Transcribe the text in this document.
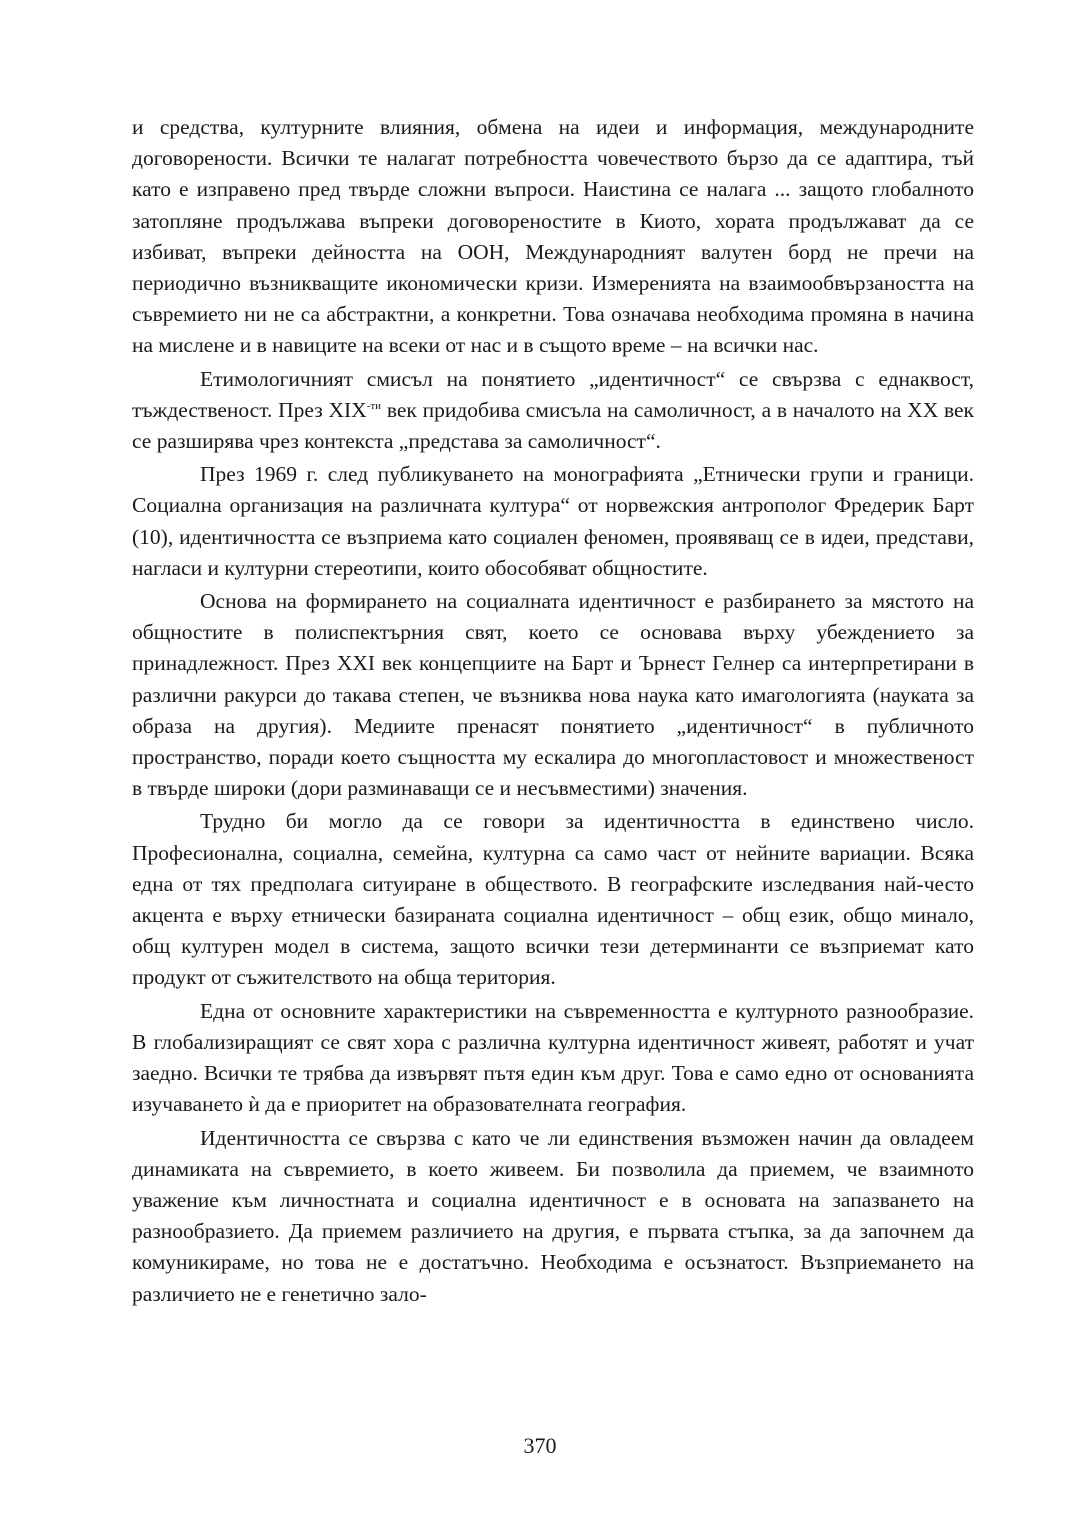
и средства, културните влияния, обмена на идеи и информация, международните договорености. Всички те налагат потребността човечеството бързо да се адаптира, тъй като е изправено пред твърде сложни въпроси. Наистина се налага ... защото глобалното затопляне продължава въпреки договореностите в Киото, хората продължават да се избиват, въпреки дейността на ООН, Международният валутен борд не пречи на периодично възникващите икономически кризи. Измеренията на взаимообвързаността на съвремието ни не са абстрактни, а конкретни. Това означава необходима промяна в начина на мислене и в навиците на всеки от нас и в същото време – на всички нас.

Етимологичният смисъл на понятието „идентичност“ се свързва с еднаквост, тъждественост. През $XIX^{-ти}$ век придобива смисъла на самоличност, а в началото на XX век се разширява чрез контекста „представа за самоличност“.

През 1969 г. след публикуването на монографията „Етнически групи и граници. Социална организация на различната култура“ от норвежския антрополог Фредерик Барт (10), идентичността се възприема като социален феномен, проявяващ се в идеи, представи, нагласи и културни стереотипи, които обособяват общностите.

Основа на формирането на социалната идентичност е разбирането за мястото на общностите в полиспектърния свят, което се основава върху убеждението за принадлежност. През XXI век концепциите на Барт и Ърнест Гелнер са интерпретирани в различни ракурси до такава степен, че възниква нова наука като имагологията (науката за образа на другия). Медиите пренасят понятието „идентичност“ в публичното пространство, поради което същността му ескалира до многопластовост и множественост в твърде широки (дори разминаващи се и несъвместими) значения.

Трудно би могло да се говори за идентичността в единствено число. Професионална, социална, семейна, културна са само част от нейните вариации. Всяка една от тях предполага ситуиране в обществото. В географските изследвания най-често акцента е върху етнически базираната социална идентичност – общ език, общо минало, общ културен модел в система, защото всички тези детерминанти се възприемат като продукт от съжителството на обща територия.

Една от основните характеристики на съвременността е културното разнообразие. В глобализиращият се свят хора с различна културна идентичност живеят, работят и учат заедно. Всички те трябва да извървят пътя един към друг. Това е само едно от основанията изучаването ѝ да е приоритет на образователната география.

Идентичността се свързва с като че ли единствения възможен начин да овладеем динамиката на съвремието, в което живеем. Би позволила да приемем, че взаимното уважение към личностната и социална идентичност е в основата на запазването на разнообразието. Да приемем различието на другия, е първата стъпка, за да започнем да комуникираме, но това не е достатъчно. Необходима е осъзнатост. Възприемането на различието не е генетично зало-

370
